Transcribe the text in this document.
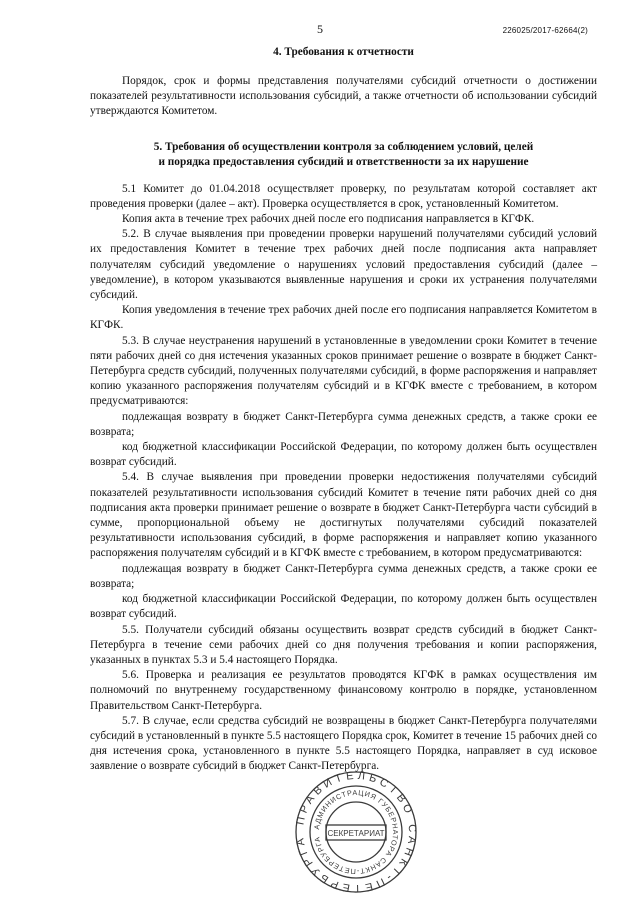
5	226025/2017-62664(2)
4. Требования к отчетности

Порядок, срок и формы представления получателями субсидий отчетности о достижении показателей результативности использования субсидий, а также отчетности об использовании субсидий утверждаются Комитетом.

5. Требования об осуществлении контроля за соблюдением условий, целей
и порядка предоставления субсидий и ответственности за их нарушение

5.1 Комитет до 01.04.2018 осуществляет проверку, по результатам которой составляет акт проведения проверки (далее – акт). Проверка осуществляется в срок, установленный Комитетом.

Копия акта в течение трех рабочих дней после его подписания направляется в КГФК.

5.2. В случае выявления при проведении проверки нарушений получателями субсидий условий их предоставления Комитет в течение трех рабочих дней после подписания акта направляет получателям субсидий уведомление о нарушениях условий предоставления субсидий (далее – уведомление), в котором указываются выявленные нарушения и сроки их устранения получателями субсидий.

Копия уведомления в течение трех рабочих дней после его подписания направляется Комитетом в КГФК.

5.3. В случае неустранения нарушений в установленные в уведомлении сроки Комитет в течение пяти рабочих дней со дня истечения указанных сроков принимает решение о возврате в бюджет Санкт-Петербурга средств субсидий, полученных получателями субсидий, в форме распоряжения и направляет копию указанного распоряжения получателям субсидий и в КГФК вместе с требованием, в котором предусматриваются:

подлежащая возврату в бюджет Санкт-Петербурга сумма денежных средств, а также сроки ее возврата;

код бюджетной классификации Российской Федерации, по которому должен быть осуществлен возврат субсидий.

5.4. В случае выявления при проведении проверки недостижения получателями субсидий показателей результативности использования субсидий Комитет в течение пяти рабочих дней со дня подписания акта проверки принимает решение о возврате в бюджет Санкт-Петербурга части субсидий в сумме, пропорциональной объему не достигнутых получателями субсидий показателей результативности использования субсидий, в форме распоряжения и направляет копию указанного распоряжения получателям субсидий и в КГФК вместе с требованием, в котором предусматриваются:

подлежащая возврату в бюджет Санкт-Петербурга сумма денежных средств, а также сроки ее возврата;

код бюджетной классификации Российской Федерации, по которому должен быть осуществлен возврат субсидий.

5.5. Получатели субсидий обязаны осуществить возврат средств субсидий в бюджет Санкт-Петербурга в течение семи рабочих дней со дня получения требования и копии распоряжения, указанных в пунктах 5.3 и 5.4 настоящего Порядка.

5.6. Проверка и реализация ее результатов проводятся КГФК в рамках осуществления им полномочий по внутреннему государственному финансовому контролю в порядке, установленном Правительством Санкт-Петербурга.

5.7. В случае, если средства субсидий не возвращены в бюджет Санкт-Петербурга получателями субсидий в установленный в пункте 5.5 настоящего Порядка срок, Комитет в течение 15 рабочих дней со дня истечения срока, установленного в пункте 5.5 настоящего Порядка, направляет в суд исковое заявление о возврате субсидий в бюджет Санкт-Петербурга.

ПРАВИТЕЛЬСТВО САНКТ-ПЕТЕРБУРГА
АДМИНИСТРАЦИЯ ГУБЕРНАТОРА САНКТ-ПЕТЕРБУРГА
СЕКРЕТАРИАТ
